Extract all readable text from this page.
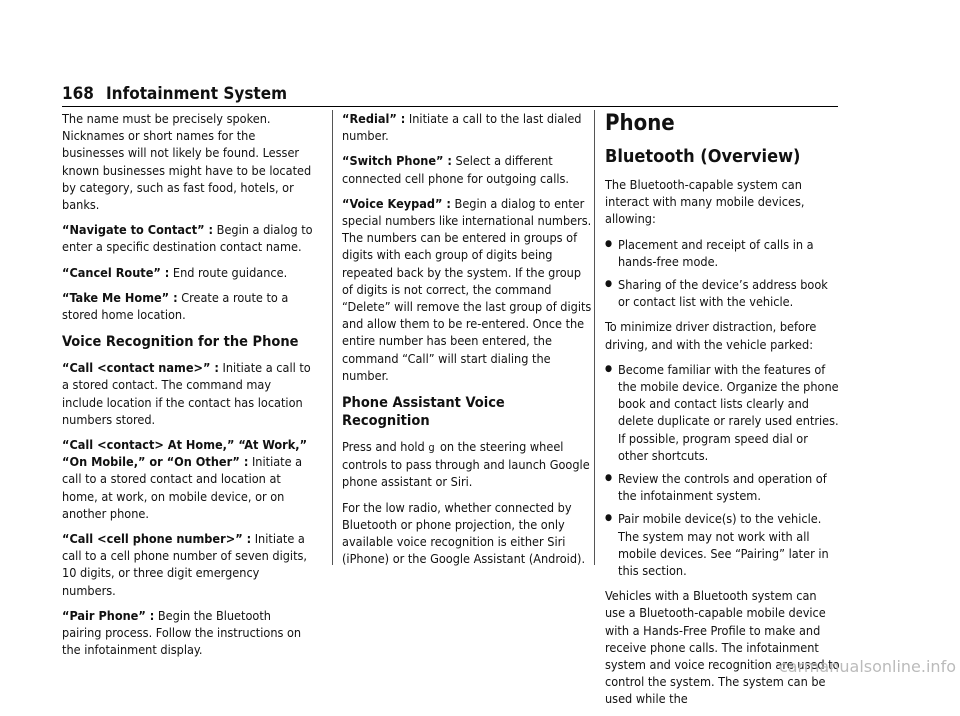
168 Infotainment System

The name must be precisely spoken. Nicknames or short names for the businesses will not likely be found. Lesser known businesses might have to be located by category, such as fast food, hotels, or banks.

“Navigate to Contact” : Begin a dialog to enter a specific destination contact name.

“Cancel Route” : End route guidance.

“Take Me Home” : Create a route to a stored home location.

Voice Recognition for the Phone

“Call <contact name>” : Initiate a call to a stored contact. The command may include location if the contact has location numbers stored.

“Call <contact> At Home,” “At Work,” “On Mobile,” or “On Other” : Initiate a call to a stored contact and location at home, at work, on mobile device, or on another phone.

“Call <cell phone number>” : Initiate a call to a cell phone number of seven digits, 10 digits, or three digit emergency numbers.

“Pair Phone” : Begin the Bluetooth pairing process. Follow the instructions on the infotainment display.

“Redial” : Initiate a call to the last dialed number.

“Switch Phone” : Select a different connected cell phone for outgoing calls.

“Voice Keypad” : Begin a dialog to enter special numbers like international numbers. The numbers can be entered in groups of digits with each group of digits being repeated back by the system. If the group of digits is not correct, the command “Delete” will remove the last group of digits and allow them to be re-entered. Once the entire number has been entered, the command “Call” will start dialing the number.

Phone Assistant Voice Recognition

Press and hold g on the steering wheel controls to pass through and launch Google phone assistant or Siri.

For the low radio, whether connected by Bluetooth or phone projection, the only available voice recognition is either Siri (iPhone) or the Google Assistant (Android).

Phone
Bluetooth (Overview)

The Bluetooth-capable system can interact with many mobile devices, allowing:

● Placement and receipt of calls in a hands-free mode.
● Sharing of the device’s address book or contact list with the vehicle.

To minimize driver distraction, before driving, and with the vehicle parked:

● Become familiar with the features of the mobile device. Organize the phone book and contact lists clearly and delete duplicate or rarely used entries.
If possible, program speed dial or other shortcuts.
● Review the controls and operation of the infotainment system.
● Pair mobile device(s) to the vehicle. The system may not work with all mobile devices. See “Pairing” later in this section.

Vehicles with a Bluetooth system can use a Bluetooth-capable mobile device with a Hands-Free Profile to make and receive phone calls. The infotainment system and voice recognition are used to control the system. The system can be used while the

carmanualsonline.info
